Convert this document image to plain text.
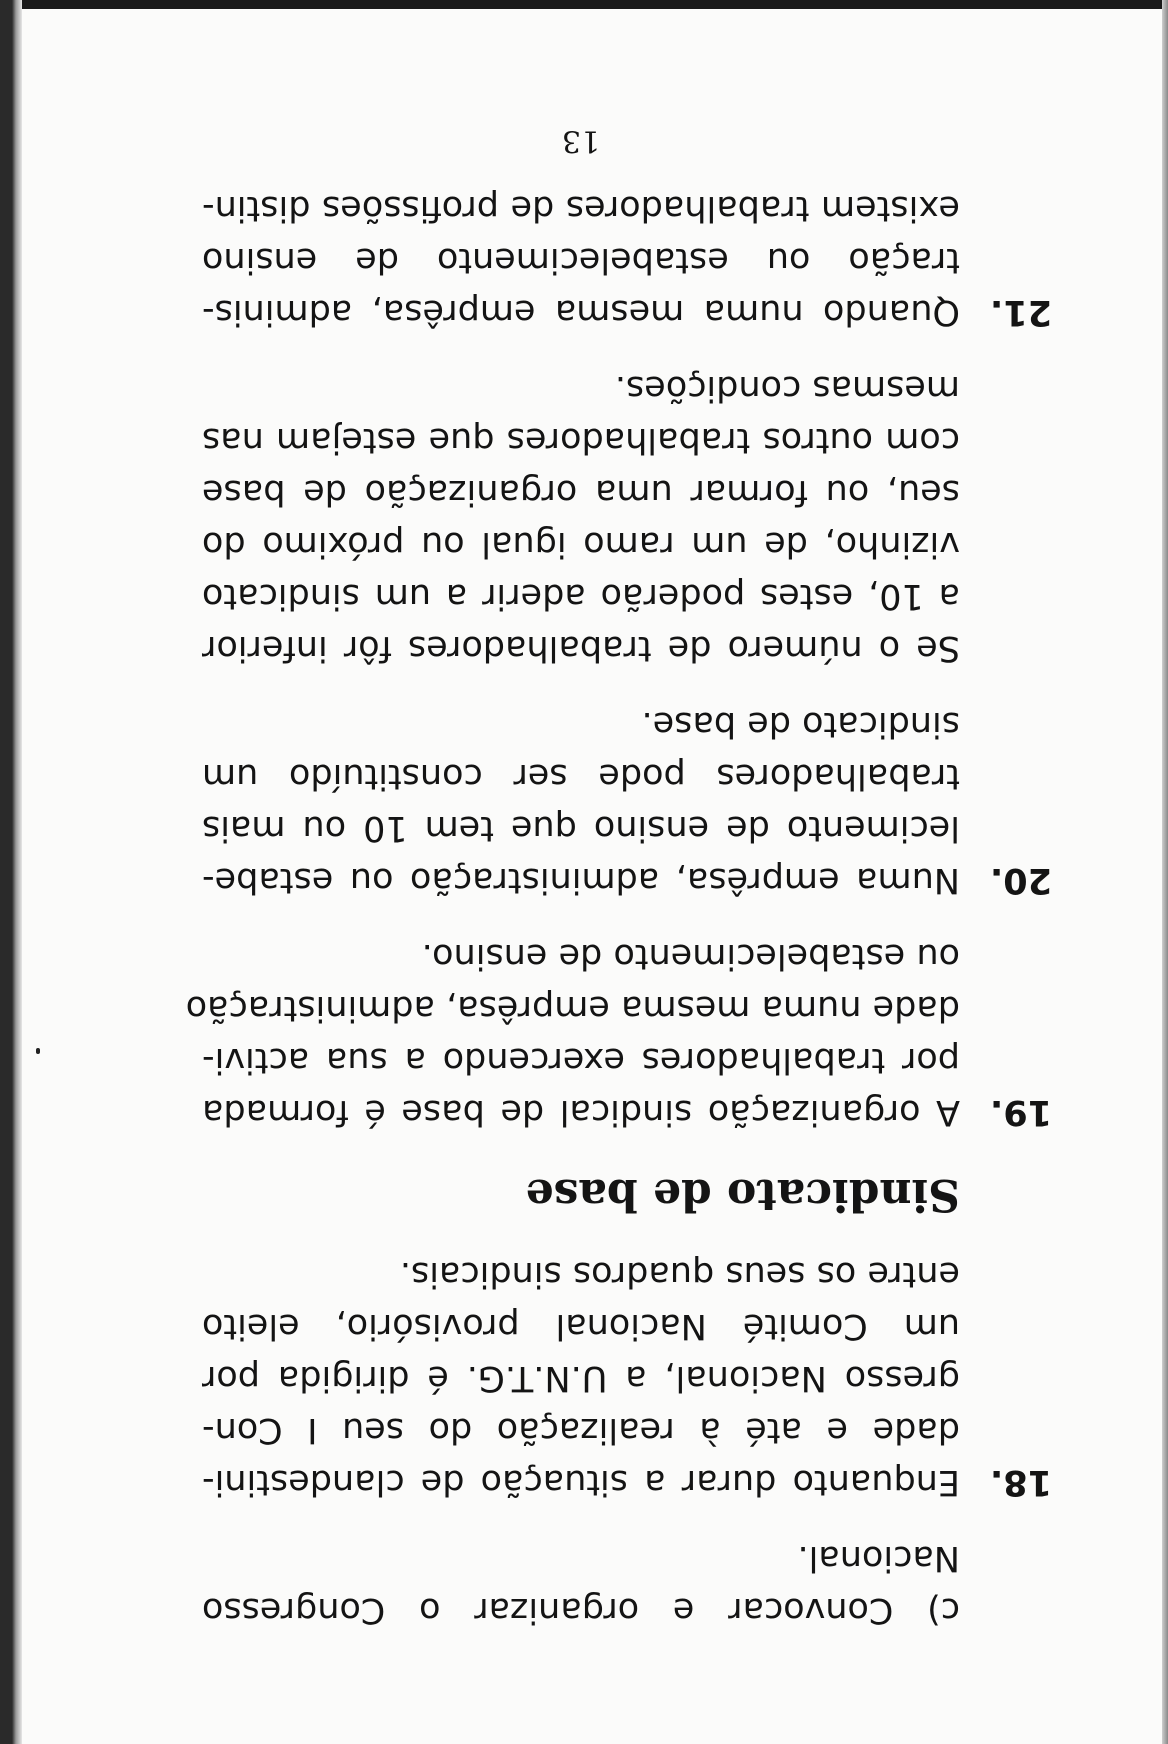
c) Convocar e organizar o Congresso
Nacional.
18.
Enquanto durar a situação de clandestini-
dade e até à realização do seu I Con-
gresso Nacional, a U.N.T.G. é dirigida por
um Comité Nacional provisório, eleito
entre os seus quadros sindicais.
Sindicato de base
19.
A organização sindical de base é formada
por trabalhadores exercendo a sua activi-
dade numa mesma emprêsa, administração
ou estabelecimento de ensino.
20.
Numa emprêsa, administração ou estabe-
lecimento de ensino que tem 10 ou mais
trabalhadores pode ser constituído um
sindicato de base.
Se o número de trabalhadores fôr inferior
a 10, estes poderão aderir a um sindicato
vizinho, de um ramo igual ou próximo do
seu, ou formar uma organização de base
com outros trabalhadores que estejam nas
mesmas condições.
21.
Quando numa mesma emprêsa, adminis-
tração ou estabelecimento de ensino
existem trabalhadores de profissões distin-
13
